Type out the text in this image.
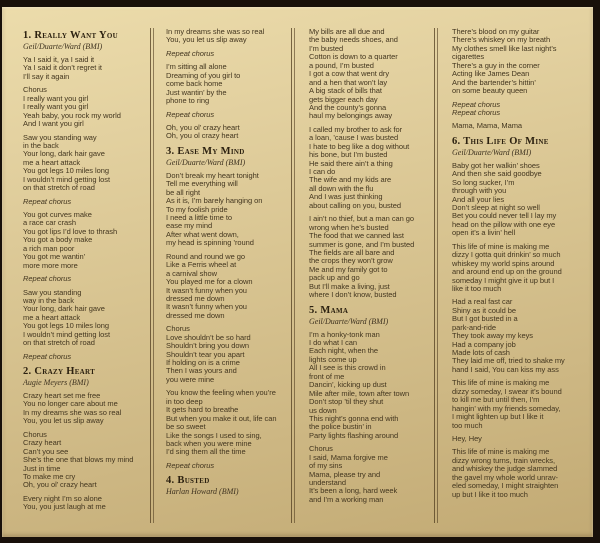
1. Really Want You
Geil/Duarte/Ward (BMI)
Ya I said it, ya I said it
Ya I said it don’t regret it
I’ll say it again
Chorus
I really want you girl
I really want you girl
Yeah baby, you rock my world
And I want you girl
Saw you standing way
in the back
Your long, dark hair gave
me a heart attack
You got legs 10 miles long
I wouldn’t mind getting lost
on that stretch of road
Repeat chorus
You got curves make
a race car crash
You got lips I’d love to thrash
You got a body make
a rich man poor
You got me wantin’
more more more
Repeat chorus
Saw you standing
way in the back
Your long, dark hair gave
me a heart attack
You got legs 10 miles long
I wouldn’t mind getting lost
on that stretch of road
Repeat chorus
2. Crazy Heart
Augie Meyers (BMI)
Crazy heart set me free
You no longer care about me
In my dreams she was so real
You, you let us slip away
Chorus
Crazy heart
Can’t you see
She’s the one that blows my mind
Just in time
To make me cry
Oh, you ol’ crazy heart
Every night I’m so alone
You, you just laugh at me
In my dreams she was so real
You, you let us slip away
Repeat chorus
I’m sitting all alone
Dreaming of you girl to
come back home
Just wantin’ by the
phone to ring
Repeat chorus
Oh, you ol’ crazy heart
Oh, you ol crazy heart
3. Ease My Mind
Geil/Duarte/Ward (BMI)
Don’t break my heart tonight
Tell me everything will
be all right
As it is, I’m barely hanging on
To my foolish pride
I need a little time to
ease my mind
After what went down,
my head is spinning ’round
Round and round we go
Like a Ferris wheel at
a carnival show
You played me for a clown
It wasn’t funny when you
dressed me down
It wasn’t funny when you
dressed me down
Chorus
Love shouldn’t be so hard
Shouldn’t bring you down
Shouldn’t tear you apart
If holding on is a crime
Then I was yours and
you were mine
You know the feeling when you’re
in too deep
It gets hard to breathe
But when you make it out, life can
be so sweet
Like the songs I used to sing,
back when you were mine
I’d sing them all the time
Repeat chorus
4. Busted
Harlan Howard (BMI)
My bills are all due and
the baby needs shoes, and
I’m busted
Cotton is down to a quarter
a pound, I’m busted
I got a cow that went dry
and a hen that won’t lay
A big stack of bills that
gets bigger each day
And the county’s gonna
haul my belongings away
I called my brother to ask for
a loan, ’cause I was busted
I hate to beg like a dog without
his bone, but I’m busted
He said there ain’t a thing
I can do
The wife and my kids are
all down with the flu
And I was just thinking
about calling on you, busted
I ain’t no thief, but a man can go
wrong when he’s busted
The food that we canned last
summer is gone, and I’m busted
The fields are all bare and
the crops they won’t grow
Me and my family got to
pack up and go
But I’ll make a living, just
where I don’t know, busted
5. Mama
Geil/Duarte/Ward (BMI)
I’m a honky-tonk man
I do what I can
Each night, when the
lights come up
All I see is this crowd in
front of me
Dancin’, kicking up dust
Mile after mile, town after town
Don’t stop ’til they shut
us down
This night’s gonna end with
the police bustin’ in
Party lights flashing around
Chorus
I said, Mama forgive me
of my sins
Mama, please try and
understand
It’s been a long, hard week
and I’m a working man
There’s blood on my guitar
There’s whiskey on my breath
My clothes smell like last night’s
cigarettes
There’s a guy in the corner
Acting like James Dean
And the bartender’s hittin’
on some beauty queen
Repeat chorus
Repeat chorus
Mama, Mama, Mama
6. This Life Of Mine
Geil/Duarte/Ward (BMI)
Baby got her walkin’ shoes
And then she said goodbye
So long sucker, I’m
through with you
And all your lies
Don’t sleep at night so well
Bet you could never tell I lay my
head on the pillow with one eye
open it’s a livin’ hell
This life of mine is making me
dizzy I gotta quit drinkin’ so much
whiskey my world spins around
and around end up on the ground
someday I might give it up but I
like it too much
Had a real fast car
Shiny as it could be
But I got busted in a
park-and-ride
They took away my keys
Had a company job
Made lots of cash
They laid me off, tried to shake my
hand I said, You can kiss my ass
This life of mine is making me
dizzy someday, I swear it’s bound
to kill me but until then, I’m
hangin’ with my friends someday,
I might lighten up but I like it
too much
Hey, Hey
This life of mine is making me
dizzy wrong turns, train wrecks,
and whiskey the judge slammed
the gavel my whole world unrav-
eled someday, I might straighten
up but I like it too much
